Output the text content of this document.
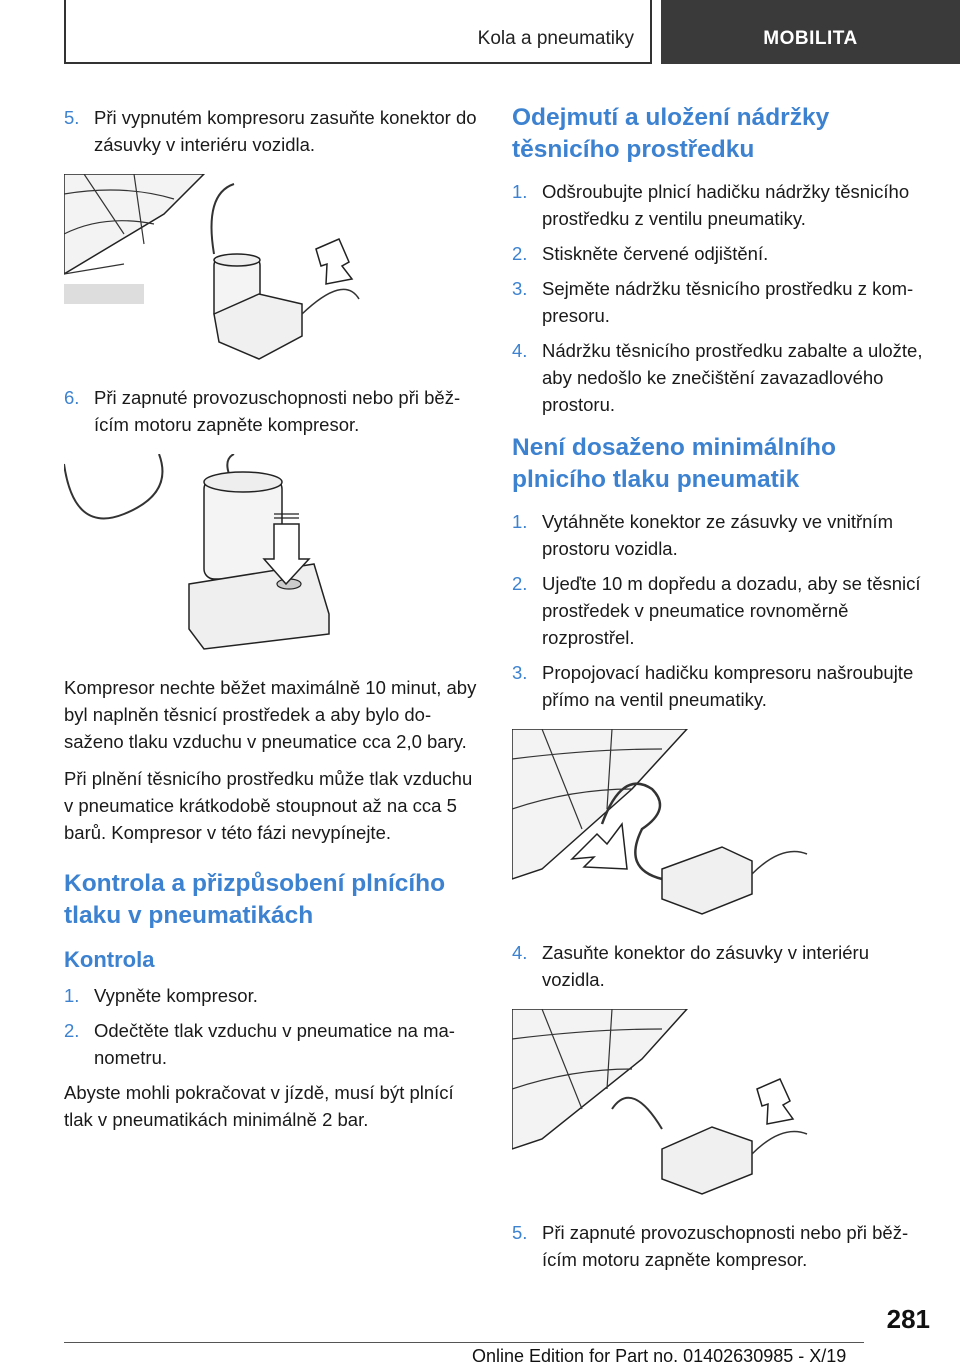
Kola a pneumatiky	MOBILITA
5. Při vypnutém kompresoru zasuňte konektor do zásuvky v interiéru vozidla.
6. Při zapnuté provozuschopnosti nebo při běžícím motoru zapněte kompresor.

Kompresor nechte běžet maximálně 10 minut, aby byl naplněn těsnicí prostředek a aby bylo dosaženo tlaku vzduchu v pneumatice cca 2,0 bary.

Při plnění těsnicího prostředku může tlak vzduchu v pneumatice krátkodobě stoupnout až na cca 5 barů. Kompresor v této fázi nevypínejte.

Kontrola a přizpůsobení plnícího tlaku v pneumatikách
Kontrola
1. Vypněte kompresor.
2. Odečtěte tlak vzduchu v pneumatice na manometru.

Abyste mohli pokračovat v jízdě, musí být plnící tlak v pneumatikách minimálně 2 bar.

Odejmutí a uložení nádržky těsnicího prostředku
1. Odšroubujte plnicí hadičku nádržky těsnicího prostředku z ventilu pneumatiky.
2. Stiskněte červené odjištění.
3. Sejměte nádržku těsnicího prostředku z kompresoru.
4. Nádržku těsnicího prostředku zabalte a uložte, aby nedošlo ke znečištění zavazadlového prostoru.
Není dosaženo minimálního plnicího tlaku pneumatik
1. Vytáhněte konektor ze zásuvky ve vnitřním prostoru vozidla.
2. Ujeďte 10 m dopředu a dozadu, aby se těsnicí prostředek v pneumatice rovnoměrně rozprostřel.
3. Propojovací hadičku kompresoru našroubujte přímo na ventil pneumatiky.
4. Zasuňte konektor do zásuvky v interiéru vozidla.
5. Při zapnuté provozuschopnosti nebo při běžícím motoru zapněte kompresor.
281
Online Edition for Part no. 01402630985 - X/19
